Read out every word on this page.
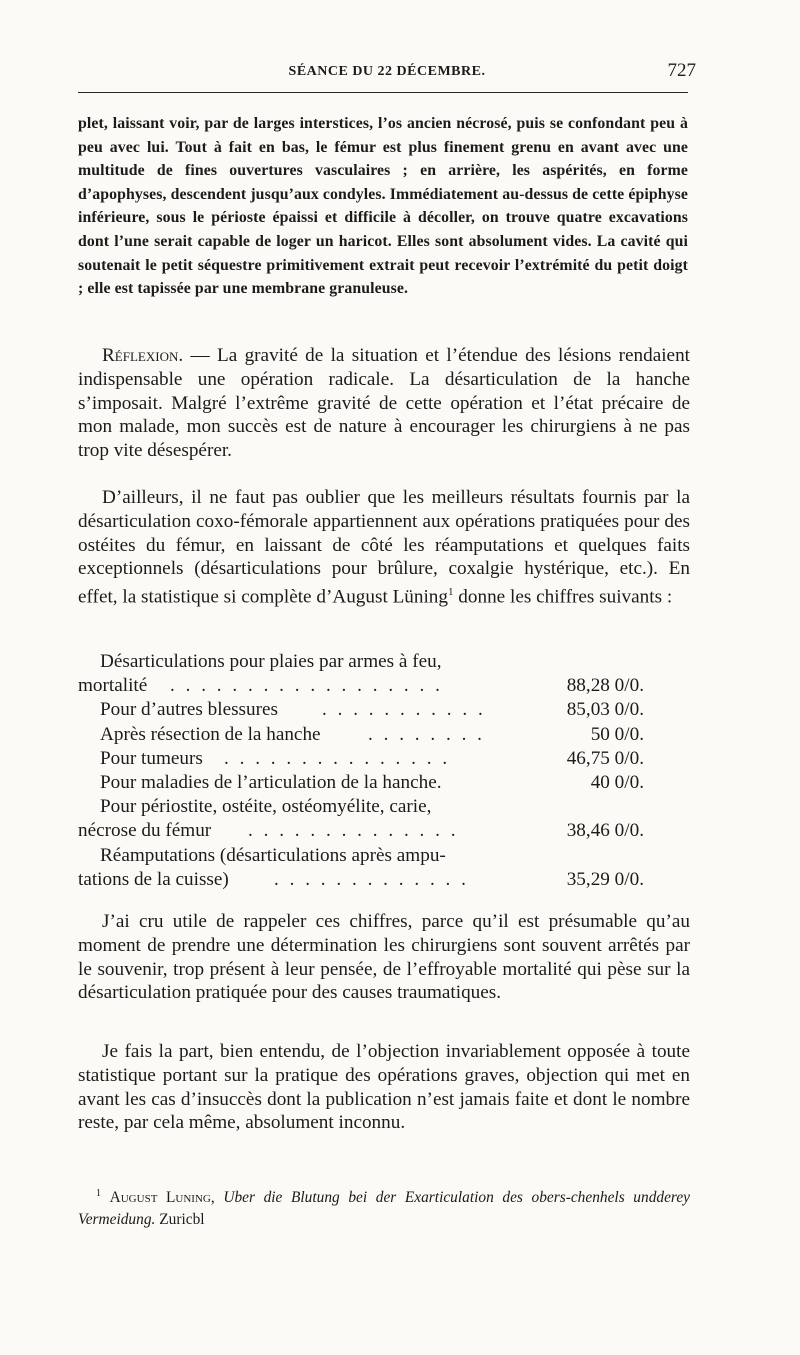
SÉANCE DU 22 DÉCEMBRE.	727
plet, laissant voir, par de larges interstices, l’os ancien nécrosé, puis se confondant peu à peu avec lui. Tout à fait en bas, le fémur est plus finement grenu en avant avec une multitude de fines ouvertures vasculaires ; en arrière, les aspérités, en forme d’apophyses, descendent jusqu’aux condyles. Immédiatement au-dessus de cette épiphyse inférieure, sous le périoste épaissi et difficile à décoller, on trouve quatre excavations dont l’une serait capable de loger un haricot. Elles sont absolument vides. La cavité qui soutenait le petit séquestre primitivement extrait peut recevoir l’extrémité du petit doigt ; elle est tapissée par une membrane granuleuse.

Réflexion. — La gravité de la situation et l’étendue des lésions rendaient indispensable une opération radicale. La désarticulation de la hanche s’imposait. Malgré l’extrême gravité de cette opération et l’état précaire de mon malade, mon succès est de nature à encourager les chirurgiens à ne pas trop vite désespérer.

D’ailleurs, il ne faut pas oublier que les meilleurs résultats fournis par la désarticulation coxo-fémorale appartiennent aux opérations pratiquées pour des ostéites du fémur, en laissant de côté les réamputations et quelques faits exceptionnels (désarticulations pour brûlure, coxalgie hystérique, etc.). En effet, la statistique si complète d’August Lüning$^1$ donne les chiffres suivants :

Désarticulations pour plaies par armes à feu,
mortalité . . . . . . . . . . . . . . . . . .	88,28 0/0.
Pour d’autres blessures . . . . . . . . . . .	85,03 0/0.
Après résection de la hanche . . . . . . . .	50 0/0.
Pour tumeurs . . . . . . . . . . . . . . .	46,75 0/0.
Pour maladies de l’articulation de la hanche.	40 0/0.
Pour périostite, ostéite, ostéomyélite, carie,
nécrose du fémur . . . . . . . . . . . . . .	38,46 0/0.
Réamputations (désarticulations après ampu-
tations de la cuisse) . . . . . . . . . . . . .	35,29 0/0.

J’ai cru utile de rappeler ces chiffres, parce qu’il est présumable qu’au moment de prendre une détermination les chirurgiens sont souvent arrêtés par le souvenir, trop présent à leur pensée, de l’effroyable mortalité qui pèse sur la désarticulation pratiquée pour des causes traumatiques.

Je fais la part, bien entendu, de l’objection invariablement opposée à toute statistique portant sur la pratique des opérations graves, objection qui met en avant les cas d’insuccès dont la publication n’est jamais faite et dont le nombre reste, par cela même, absolument inconnu.

$^1$ August Luning, Uber die Blutung bei der Exarticulation des obers-chenhels undderey Vermeidung. Zuricbl
